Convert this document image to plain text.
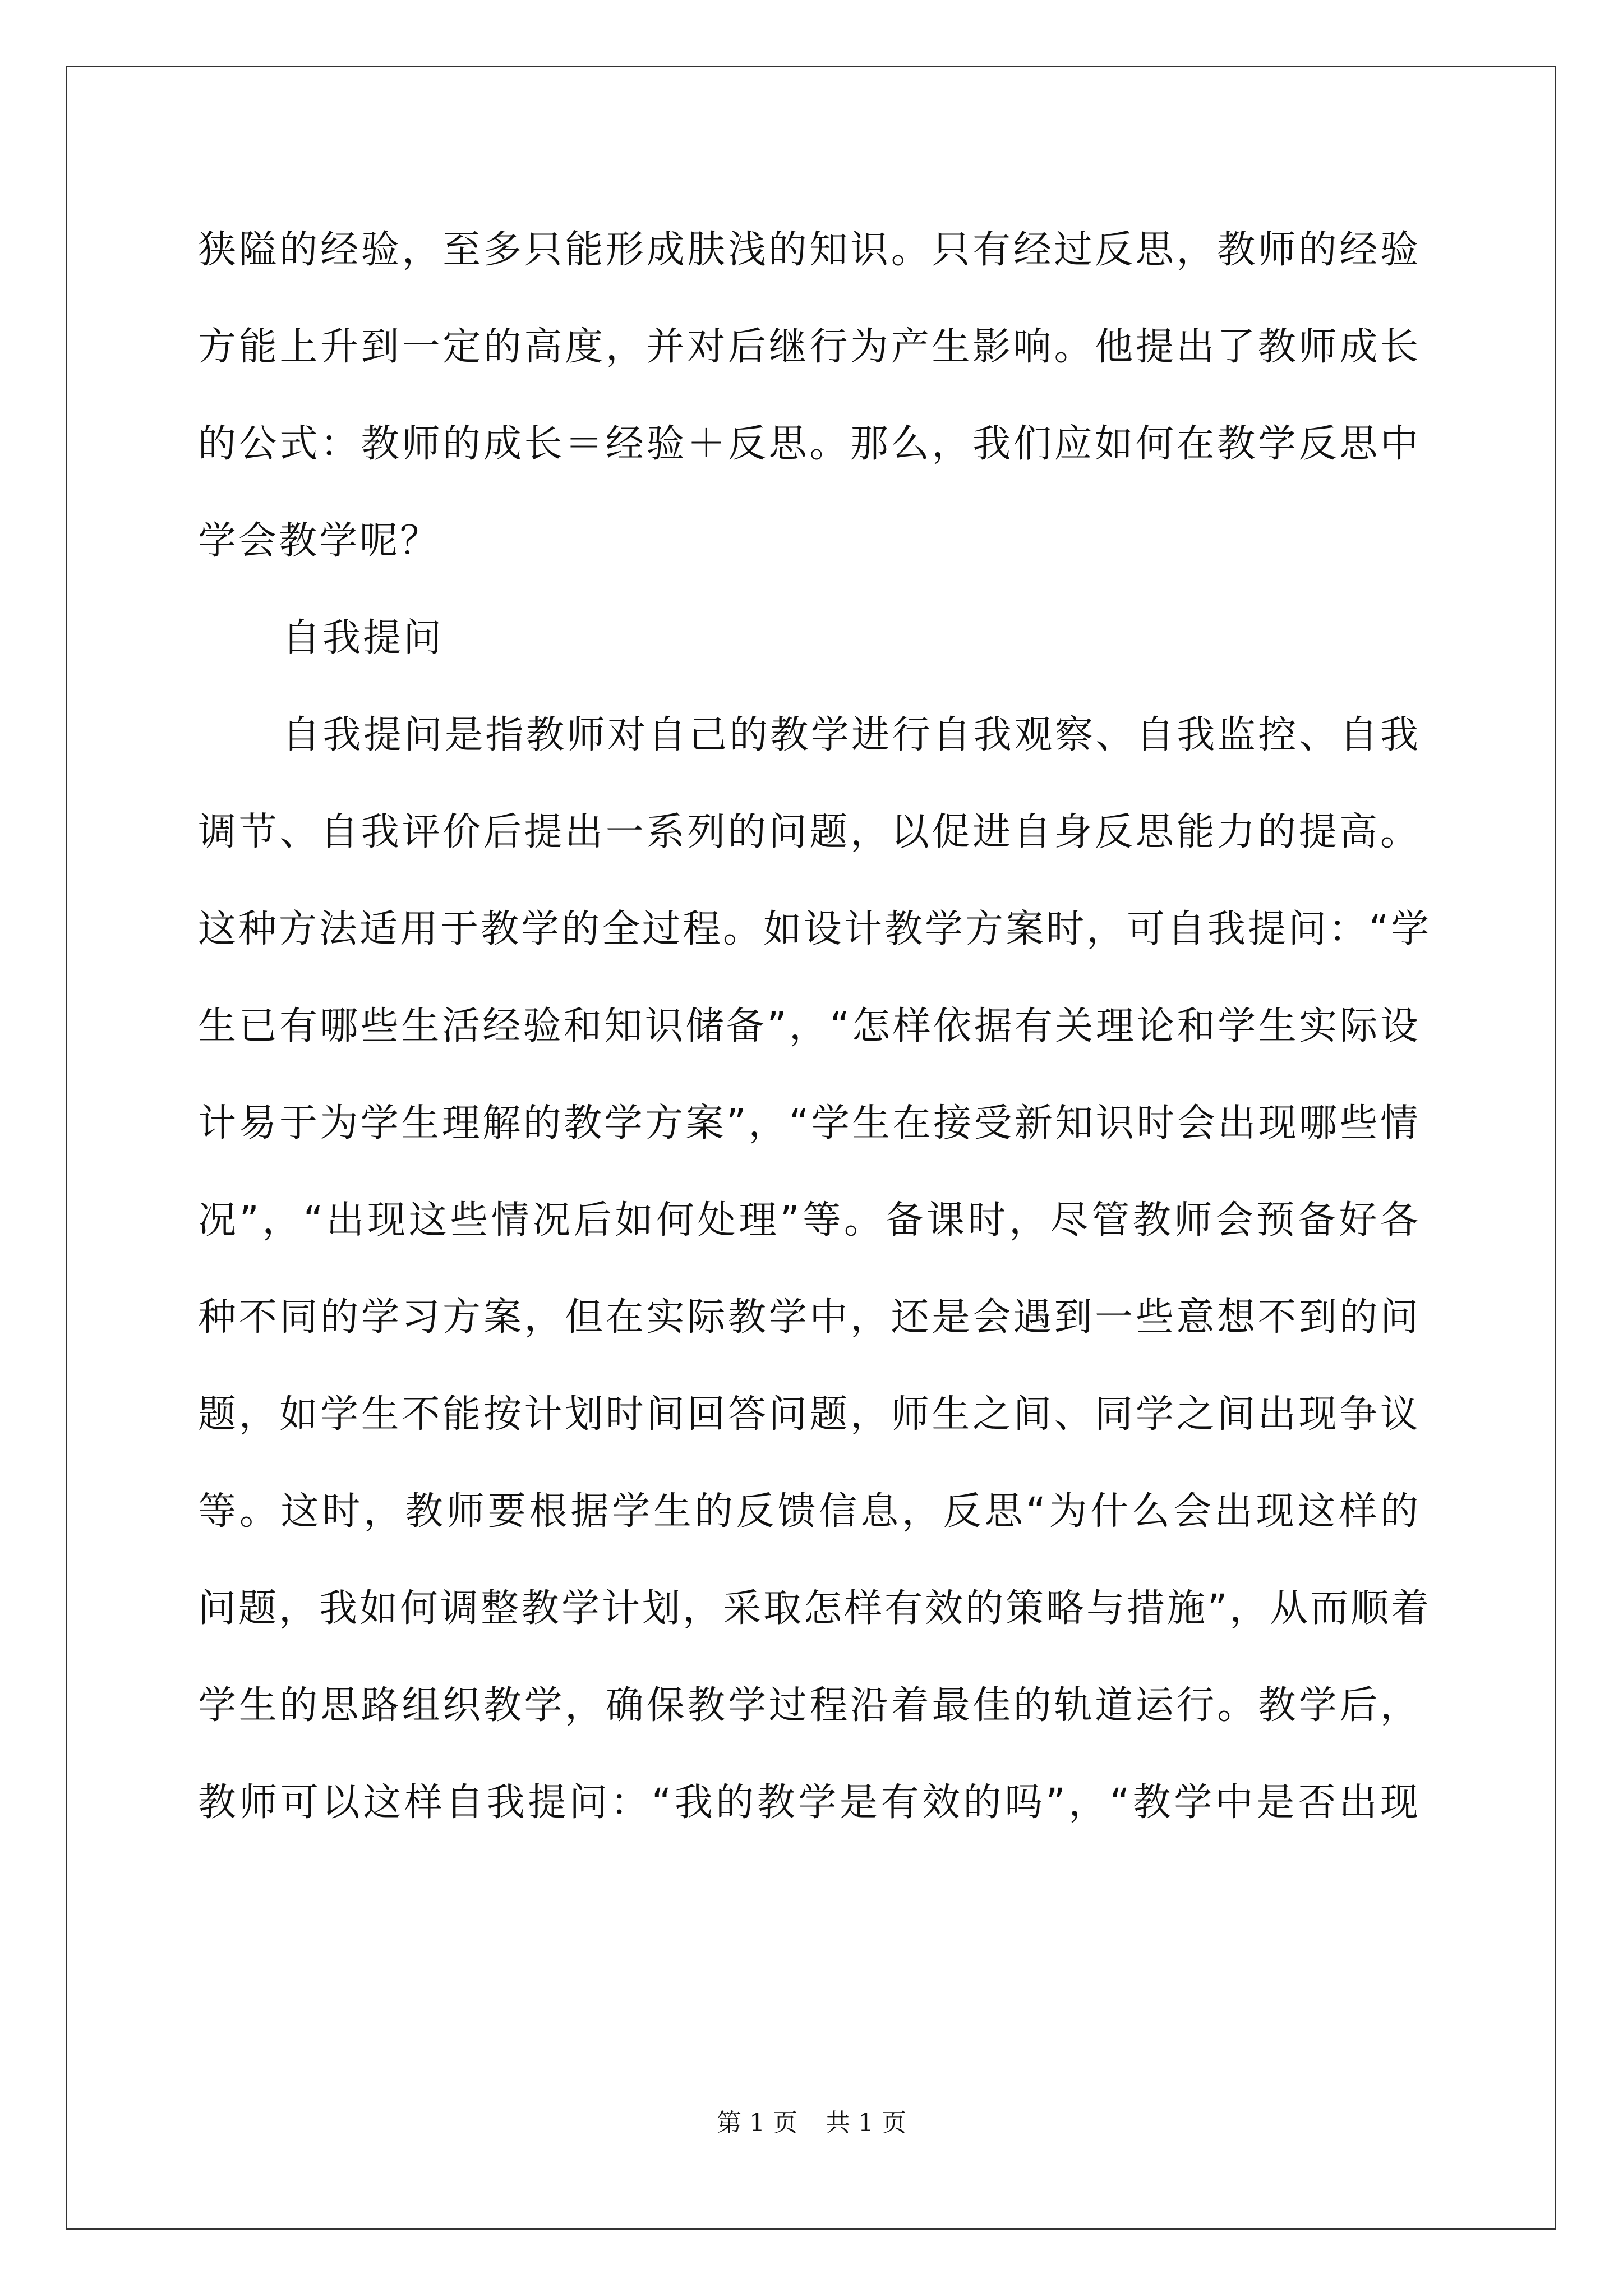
狭隘的经验，至多只能形成肤浅的知识。只有经过反思，教师的经验
方能上升到一定的高度，并对后继行为产生影响。他提出了教师成长
的公式：教师的成长＝经验＋反思。那么，我们应如何在教学反思中
学会教学呢？
自我提问
自我提问是指教师对自己的教学进行自我观察、自我监控、自我
调节、自我评价后提出一系列的问题，以促进自身反思能力的提高。
这种方法适用于教学的全过程。如设计教学方案时，可自我提问：“学
生已有哪些生活经验和知识储备”，“怎样依据有关理论和学生实际设
计易于为学生理解的教学方案”，“学生在接受新知识时会出现哪些情
况”，“出现这些情况后如何处理”等。备课时，尽管教师会预备好各
种不同的学习方案，但在实际教学中，还是会遇到一些意想不到的问
题，如学生不能按计划时间回答问题，师生之间、同学之间出现争议
等。这时，教师要根据学生的反馈信息，反思“为什么会出现这样的
问题，我如何调整教学计划，采取怎样有效的策略与措施”，从而顺着
学生的思路组织教学，确保教学过程沿着最佳的轨道运行。教学后，
教师可以这样自我提问：“我的教学是有效的吗”，“教学中是否出现
第 1 页 共 1 页
